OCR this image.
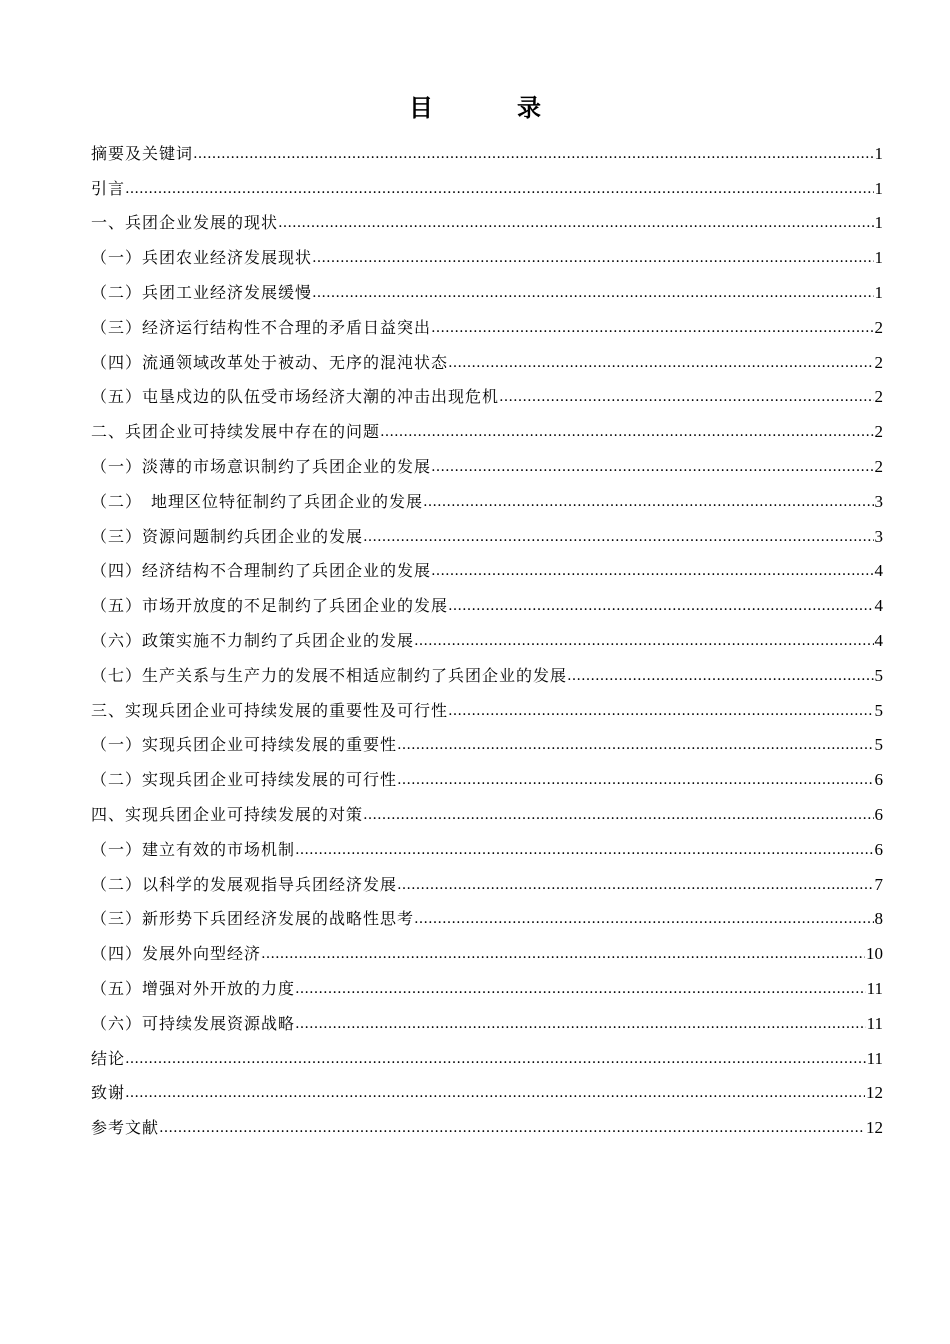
目　录
摘要及关键词 ……………………………………………………………………………………………………………………………………………………………………………………………………	1
引言 ……………………………………………………………………………………………………………………………………………………………………………………………………	1
一、兵团企业发展的现状 ……………………………………………………………………………………………………………………………………………………………………………………………………	1
（一）兵团农业经济发展现状 ……………………………………………………………………………………………………………………………………………………………………………………………………	1
（二）兵团工业经济发展缓慢 ……………………………………………………………………………………………………………………………………………………………………………………………………	1
（三）经济运行结构性不合理的矛盾日益突出 ……………………………………………………………………………………………………………………………………………………………………………………………………	2
（四）流通领域改革处于被动、无序的混沌状态 ……………………………………………………………………………………………………………………………………………………………………………………………………	2
（五）屯垦戍边的队伍受市场经济大潮的冲击出现危机 ……………………………………………………………………………………………………………………………………………………………………………………………………	2
二、兵团企业可持续发展中存在的问题 ……………………………………………………………………………………………………………………………………………………………………………………………………	2
（一）淡薄的市场意识制约了兵团企业的发展 ……………………………………………………………………………………………………………………………………………………………………………………………………	2
（二）　地理区位特征制约了兵团企业的发展 ……………………………………………………………………………………………………………………………………………………………………………………………………	3
（三）资源问题制约兵团企业的发展 ……………………………………………………………………………………………………………………………………………………………………………………………………	3
（四）经济结构不合理制约了兵团企业的发展 ……………………………………………………………………………………………………………………………………………………………………………………………………	4
（五）市场开放度的不足制约了兵团企业的发展 ……………………………………………………………………………………………………………………………………………………………………………………………………	4
（六）政策实施不力制约了兵团企业的发展 ……………………………………………………………………………………………………………………………………………………………………………………………………	4
（七）生产关系与生产力的发展不相适应制约了兵团企业的发展 ……………………………………………………………………………………………………………………………………………………………………………………………………	5
三、实现兵团企业可持续发展的重要性及可行性 ……………………………………………………………………………………………………………………………………………………………………………………………………	5
（一）实现兵团企业可持续发展的重要性 ……………………………………………………………………………………………………………………………………………………………………………………………………	5
（二）实现兵团企业可持续发展的可行性 ……………………………………………………………………………………………………………………………………………………………………………………………………	6
四、实现兵团企业可持续发展的对策 ……………………………………………………………………………………………………………………………………………………………………………………………………	6
（一）建立有效的市场机制 ……………………………………………………………………………………………………………………………………………………………………………………………………	6
（二）以科学的发展观指导兵团经济发展 ……………………………………………………………………………………………………………………………………………………………………………………………………	7
（三）新形势下兵团经济发展的战略性思考 ……………………………………………………………………………………………………………………………………………………………………………………………………	8
（四）发展外向型经济 ……………………………………………………………………………………………………………………………………………………………………………………………………	10
（五）增强对外开放的力度 ……………………………………………………………………………………………………………………………………………………………………………………………………	11
（六）可持续发展资源战略 ……………………………………………………………………………………………………………………………………………………………………………………………………	11
结论 ……………………………………………………………………………………………………………………………………………………………………………………………………	11
致谢 ……………………………………………………………………………………………………………………………………………………………………………………………………	12
参考文献 ……………………………………………………………………………………………………………………………………………………………………………………………………	12
